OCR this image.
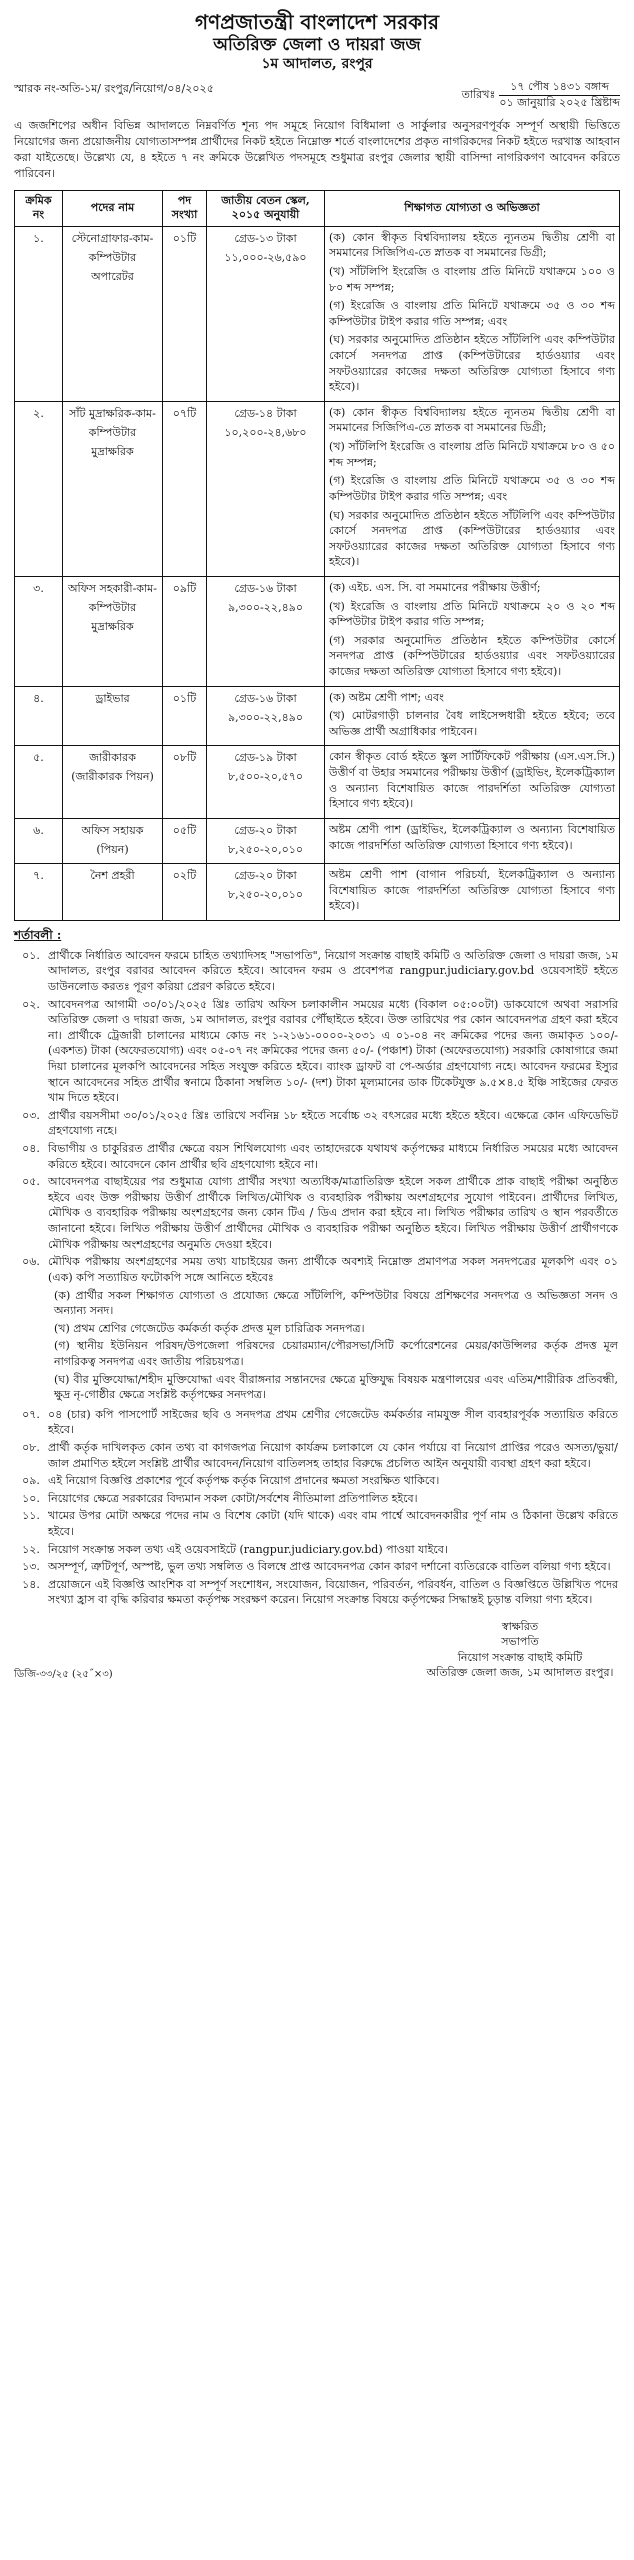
গণপ্রজাতন্ত্রী বাংলাদেশ সরকার
অতিরিক্ত জেলা ও দায়রা জজ
১ম আদালত, রংপুর
স্মারক নং-অতি-১ম/ রংপুর/নিয়োগ/০৪/২০২৫	তারিখঃ
১৭ পৌষ ১৪৩১ বঙ্গাব্দ
০১ জানুয়ারি ২০২৫ খ্রিষ্টাব্দ
এ জজশিপের অধীন বিভিন্ন আদালতে নিম্নবর্ণিত শূন্য পদ সমূহে নিয়োগ বিধিমালা ও সার্কুলার অনুসরণপূর্বক সম্পূর্ণ অস্থায়ী ভিত্তিতে নিয়োগের জন্য প্রয়োজনীয় যোগ্যতাসম্পন্ন প্রার্থীদের নিকট হইতে নিম্নোক্ত শর্তে বাংলাদেশের প্রকৃত নাগরিকদের নিকট হইতে দরখাস্ত আহবান করা যাইতেছে। উল্লেখ্য যে, ৪ হইতে ৭ নং ক্রমিকে উল্লেখিত পদসমূহে শুধুমাত্র রংপুর জেলার স্থায়ী বাসিন্দা নাগরিকগণ আবেদন করিতে পারিবেন।
ক্রমিক নং	পদের নাম	পদ সংখ্যা	জাতীয় বেতন স্কেল, ২০১৫ অনুযায়ী	শিক্ষাগত যোগ্যতা ও অভিজ্ঞতা
১.	স্টেনোগ্রাফার-কাম-কম্পিউটার অপারেটর	০১টি	গ্রেড-১৩ টাকা ১১,০০০-২৬,৫৯০	(ক) কোন স্বীকৃত বিশ্ববিদ্যালয় হইতে ন্যূনতম দ্বিতীয় শ্রেণী বা সমমানের সিজিপিএ-তে স্নাতক বা সমমানের ডিগ্রী;

(খ) সাঁটলিপি ইংরেজি ও বাংলায় প্রতি মিনিটে যথাক্রমে ১০০ ও ৮০ শব্দ সম্পন্ন;

(গ) ইংরেজি ও বাংলায় প্রতি মিনিটে যথাক্রমে ৩৫ ও ৩০ শব্দ কম্পিউটার টাইপ করার গতি সম্পন্ন; এবং

(ঘ) সরকার অনুমোদিত প্রতিষ্ঠান হইতে সাঁটলিপি এবং কম্পিউটার কোর্সে সনদপত্র প্রাপ্ত (কম্পিউটারের হার্ডওয়্যার এবং সফটওয়্যারের কাজের দক্ষতা অতিরিক্ত যোগ্যতা হিসাবে গণ্য হইবে)।

২.	সাঁট মুদ্রাক্ষরিক-কাম-কম্পিউটার মুদ্রাক্ষরিক	০৭টি	গ্রেড-১৪ টাকা ১০,২০০-২৪,৬৮০	(ক) কোন স্বীকৃত বিশ্ববিদ্যালয় হইতে ন্যূনতম দ্বিতীয় শ্রেণী বা সমমানের সিজিপিএ-তে স্নাতক বা সমমানের ডিগ্রী;

(খ) সাঁটলিপি ইংরেজি ও বাংলায় প্রতি মিনিটে যথাক্রমে ৮০ ও ৫০ শব্দ সম্পন্ন;

(গ) ইংরেজি ও বাংলায় প্রতি মিনিটে যথাক্রমে ৩৫ ও ৩০ শব্দ কম্পিউটার টাইপ করার গতি সম্পন্ন; এবং

(ঘ) সরকার অনুমোদিত প্রতিষ্ঠান হইতে সাঁটলিপি এবং কম্পিউটার কোর্সে সনদপত্র প্রাপ্ত (কম্পিউটারের হার্ডওয়্যার এবং সফটওয়্যারের কাজের দক্ষতা অতিরিক্ত যোগ্যতা হিসাবে গণ্য হইবে)।

৩.	অফিস সহকারী-কাম-কম্পিউটার মুদ্রাক্ষরিক	০৯টি	গ্রেড-১৬ টাকা ৯,৩০০-২২,৪৯০	(ক) এইচ. এস. সি. বা সমমানের পরীক্ষায় উত্তীর্ণ;

(খ) ইংরেজি ও বাংলায় প্রতি মিনিটে যথাক্রমে ২০ ও ২০ শব্দ কম্পিউটার টাইপ করার গতি সম্পন্ন;

(গ) সরকার অনুমোদিত প্রতিষ্ঠান হইতে কম্পিউটার কোর্সে সনদপত্র প্রাপ্ত (কম্পিউটারের হার্ডওয়্যার এবং সফটওয়্যারের কাজের দক্ষতা অতিরিক্ত যোগ্যতা হিসাবে গণ্য হইবে)।

৪.	ড্রাইভার	০১টি	গ্রেড-১৬ টাকা ৯,৩০০-২২,৪৯০	(ক) অষ্টম শ্রেণী পাশ; এবং

(খ) মোটরগাড়ী চালনার বৈধ লাইসেন্সধারী হইতে হইবে; তবে অভিজ্ঞ প্রার্থী অগ্রাধিকার পাইবেন।

৫.	জারীকারক (জারীকারক পিয়ন)	০৮টি	গ্রেড-১৯ টাকা ৮,৫০০-২০,৫৭০	কোন স্বীকৃত বোর্ড হইতে স্কুল সার্টিফিকেট পরীক্ষায় (এস.এস.সি.) উত্তীর্ণ বা উহার সমমানের পরীক্ষায় উত্তীর্ণ (ড্রাইভিং, ইলেকট্রিক্যাল ও অন্যান্য বিশেষায়িত কাজে পারদর্শিতা অতিরিক্ত যোগ্যতা হিসাবে গণ্য হইবে)।

৬.	অফিস সহায়ক (পিয়ন)	০৫টি	গ্রেড-২০ টাকা ৮,২৫০-২০,০১০	অষ্টম শ্রেণী পাশ (ড্রাইভিং, ইলেকট্রিক্যাল ও অন্যান্য বিশেষায়িত কাজে পারদর্শিতা অতিরিক্ত যোগ্যতা হিসাবে গণ্য হইবে)।

৭.	নৈশ প্রহরী	০২টি	গ্রেড-২০ টাকা ৮,২৫০-২০,০১০	অষ্টম শ্রেণী পাশ (বাগান পরিচর্যা, ইলেকট্রিক্যাল ও অন্যান্য বিশেষায়িত কাজে পারদর্শিতা অতিরিক্ত যোগ্যতা হিসাবে গণ্য হইবে)।

শর্তাবলী :
০১.	প্রার্থীকে নির্ধারিত আবেদন ফরমে চাহিত তথ্যাদিসহ "সভাপতি", নিয়োগ সংক্রান্ত বাছাই কমিটি ও অতিরিক্ত জেলা ও দায়রা জজ, ১ম আদালত, রংপুর বরাবর আবেদন করিতে হইবে। আবেদন ফরম ও প্রবেশপত্র rangpur.judiciary.gov.bd ওয়েবসাইট হইতে ডাউনলোড করতঃ পূরণ করিয়া প্রেরণ করিতে হইবে।

০২.	আবেদনপত্র আগামী ৩০/০১/২০২৫ খ্রিঃ তারিখ অফিস চলাকালীন সময়ের মধ্যে (বিকাল ০৫:০০টা) ডাকযোগে অথবা সরাসরি অতিরিক্ত জেলা ও দায়রা জজ, ১ম আদালত, রংপুর বরাবর পৌঁছাইতে হইবে। উক্ত তারিখের পর কোন আবেদনপত্র গ্রহণ করা হইবে না। প্রার্থীকে ট্রেজারী চালানের মাধ্যমে কোড নং ১-২১৬১-০০০০-২০৩১ এ ০১-০৪ নং ক্রমিকের পদের জন্য জমাকৃত ১০০/- (একশত) টাকা (অফেরতযোগ্য) এবং ০৫-০৭ নং ক্রমিকের পদের জন্য ৫০/- (পঞ্চাশ) টাকা (অফেরতযোগ্য) সরকারি কোষাগারে জমা দিয়া চালানের মূলকপি আবেদনের সহিত সংযুক্ত করিতে হইবে। ব্যাংক ড্রাফট বা পে-অর্ডার গ্রহণযোগ্য নহে। আবেদন ফরমের ইস্যুর স্থানে আবেদনের সহিত প্রার্থীর স্বনামে ঠিকানা সম্বলিত ১০/- (দশ) টাকা মূল্যমানের ডাক টিকেটযুক্ত ৯.৫×৪.৫ ইঞ্চি সাইজের ফেরত খাম দিতে হইবে।

০৩.	প্রার্থীর বয়সসীমা ৩০/০১/২০২৫ খ্রিঃ তারিখে সর্বনিম্ন ১৮ হইতে সর্বোচ্চ ৩২ বৎসরের মধ্যে হইতে হইবে। এক্ষেত্রে কোন এফিডেভিট গ্রহণযোগ্য নহে।

০৪.	বিভাগীয় ও চাকুরিরত প্রার্থীর ক্ষেত্রে বয়স শিথিলযোগ্য এবং তাহাদেরকে যথাযথ কর্তৃপক্ষের মাধ্যমে নির্ধারিত সময়ের মধ্যে আবেদন করিতে হইবে। আবেদনে কোন প্রার্থীর ছবি গ্রহণযোগ্য হইবে না।

০৫.	আবেদনপত্র বাছাইয়ের পর শুধুমাত্র যোগ্য প্রার্থীর সংখ্যা অত্যধিক/মাত্রাতিরিক্ত হইলে সকল প্রার্থীকে প্রাক বাছাই পরীক্ষা অনুষ্ঠিত হইবে এবং উক্ত পরীক্ষায় উত্তীর্ণ প্রার্থীকে লিখিত/মৌখিক ও ব্যবহারিক পরীক্ষায় অংশগ্রহণের সুযোগ পাইবেন। প্রার্থীদের লিখিত, মৌখিক ও ব্যবহারিক পরীক্ষায় অংশগ্রহণের জন্য কোন টিএ / ডিএ প্রদান করা হইবে না। লিখিত পরীক্ষার তারিখ ও স্থান পরবর্তীতে জানানো হইবে। লিখিত পরীক্ষায় উত্তীর্ণ প্রার্থীদের মৌখিক ও ব্যবহারিক পরীক্ষা অনুষ্ঠিত হইবে। লিখিত পরীক্ষায় উত্তীর্ণ প্রার্থীগণকে মৌখিক পরীক্ষায় অংশগ্রহণের অনুমতি দেওয়া হইবে।

০৬.	মৌখিক পরীক্ষায় অংশগ্রহণের সময় তথ্য যাচাইয়ের জন্য প্রার্থীকে অবশ্যই নিম্নোক্ত প্রমাণপত্র সকল সনদপত্রের মূলকপি এবং ০১ (এক) কপি সত্যায়িত ফটোকপি সঙ্গে আনিতে হইবেঃ
(ক) প্রার্থীর সকল শিক্ষাগত যোগ্যতা ও প্রযোজ্য ক্ষেত্রে সাঁটলিপি, কম্পিউটার বিষয়ে প্রশিক্ষণের সনদপত্র ও অভিজ্ঞতা সনদ ও অন্যান্য সনদ।
(খ) প্রথম শ্রেণির গেজেটেড কর্মকর্তা কর্তৃক প্রদত্ত মূল চারিত্রিক সনদপত্র।
(গ) স্থানীয় ইউনিয়ন পরিষদ/উপজেলা পরিষদের চেয়ারম্যান/পৌরসভা/সিটি কর্পোরেশনের মেয়র/কাউন্সিলর কর্তৃক প্রদত্ত মূল নাগরিকত্ব সনদপত্র এবং জাতীয় পরিচয়পত্র।
(ঘ) বীর মুক্তিযোদ্ধা/শহীদ মুক্তিযোদ্ধা এবং বীরাঙ্গনার সন্তানদের ক্ষেত্রে মুক্তিযুদ্ধ বিষয়ক মন্ত্রণালয়ের এবং এতিম/শারীরিক প্রতিবন্ধী, ক্ষুদ্র নৃ-গোষ্ঠীর ক্ষেত্রে সংশ্লিষ্ট কর্তৃপক্ষের সনদপত্র।

০৭.	০৪ (চার) কপি পাসপোর্ট সাইজের ছবি ও সনদপত্র প্রথম শ্রেণীর গেজেটেড কর্মকর্তার নামযুক্ত সীল ব্যবহারপূর্বক সত্যায়িত করিতে হইবে।

০৮.	প্রার্থী কর্তৃক দাখিলকৃত কোন তথ্য বা কাগজপত্র নিয়োগ কার্যক্রম চলাকালে যে কোন পর্যায়ে বা নিয়োগ প্রাপ্তির পরেও অসত্য/ভুয়া/জাল প্রমাণিত হইলে সংশ্লিষ্ট প্রার্থীর আবেদন/নিয়োগ বাতিলসহ তাহার বিরুদ্ধে প্রচলিত আইন অনুযায়ী ব্যবস্থা গ্রহণ করা হইবে।

০৯.	এই নিয়োগ বিজ্ঞপ্তি প্রকাশের পূর্বে কর্তৃপক্ষ কর্তৃক নিয়োগ প্রদানের ক্ষমতা সংরক্ষিত থাকিবে।

১০.	নিয়োগের ক্ষেত্রে সরকারের বিদ্যমান সকল কোটা/সর্বশেষ নীতিমালা প্রতিপালিত হইবে।

১১.	খামের উপর মোটা অক্ষরে পদের নাম ও বিশেষ কোটা (যদি থাকে) এবং বাম পার্শ্বে আবেদনকারীর পূর্ণ নাম ও ঠিকানা উল্লেখ করিতে হইবে।

১২.	নিয়োগ সংক্রান্ত সকল তথ্য এই ওয়েবসাইটে (rangpur.judiciary.gov.bd) পাওয়া যাইবে।

১৩.	অসম্পূর্ণ, ত্রুটিপূর্ণ, অস্পষ্ট, ভুল তথ্য সম্বলিত ও বিলম্বে প্রাপ্ত আবেদনপত্র কোন কারণ দর্শানো ব্যতিরেকে বাতিল বলিয়া গণ্য হইবে।

১৪.	প্রয়োজনে এই বিজ্ঞপ্তি আংশিক বা সম্পূর্ণ সংশোধন, সংযোজন, বিয়োজন, পরিবর্তন, পরিবর্ধন, বাতিল ও বিজ্ঞপ্তিতে উল্লিখিত পদের সংখ্যা হ্রাস বা বৃদ্ধি করিবার ক্ষমতা কর্তৃপক্ষ সংরক্ষণ করেন। নিয়োগ সংক্রান্ত বিষয়ে কর্তৃপক্ষের সিদ্ধান্তই চূড়ান্ত বলিয়া গণ্য হইবে।
স্বাক্ষরিত
সভাপতি
নিয়োগ সংক্রান্ত বাছাই কমিটি
অতিরিক্ত জেলা জজ, ১ম আদালত রংপুর।
ডিজি-৩৩/২৫ (২৫˝×৩)
